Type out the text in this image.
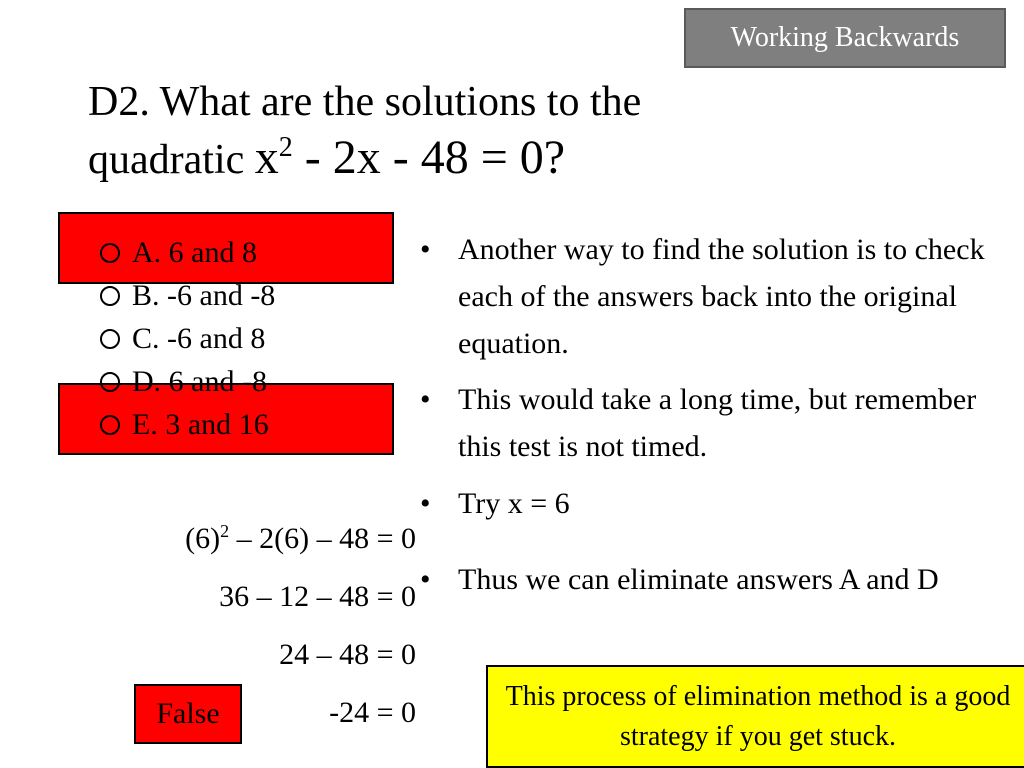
Working Backwards
D2. What are the solutions to the
quadratic $x^2 - 2x - 48 = 0$?
A. 6 and 8
B. -6 and -8
C. -6 and 8
D. 6 and -8
E. 3 and 16
$(6)^2 - 2(6) - 48 = 0$
36 – 12 – 48 = 0
24 – 48 = 0
-24 = 0
False
• Another way to find the solution is to check each of the answers back into the original equation.
• This would take a long time, but remember this test is not timed.
• Try x = 6
• Thus we can eliminate answers A and D
This process of elimination method is a good strategy if you get stuck.
